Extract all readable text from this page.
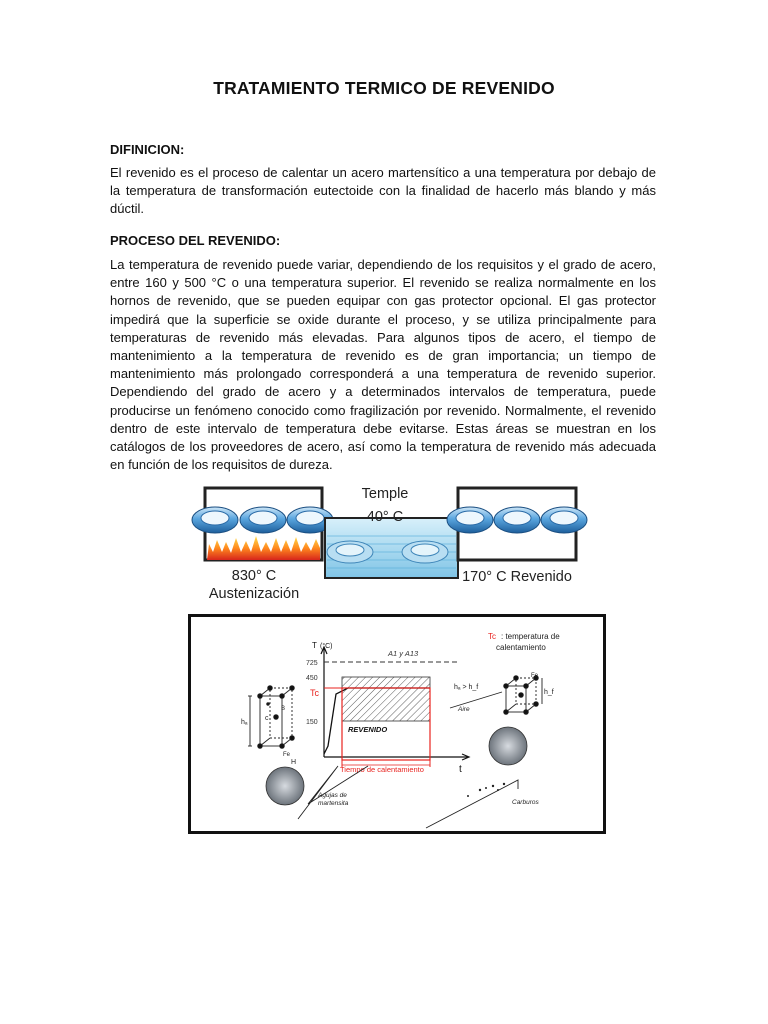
TRATAMIENTO TERMICO DE REVENIDO
DIFINICION:
El revenido es el proceso de calentar un acero martensítico a una temperatura por debajo de la temperatura de transformación eutectoide con la finalidad de hacerlo más blando y más dúctil.
PROCESO DEL REVENIDO:
La temperatura de revenido puede variar, dependiendo de los requisitos y el grado de acero, entre 160 y 500 °C o una temperatura superior. El revenido se realiza normalmente en los hornos de revenido, que se pueden equipar con gas protector opcional. El gas protector impedirá que la superficie se oxide durante el proceso, y se utiliza principalmente para temperaturas de revenido más elevadas. Para algunos tipos de acero, el tiempo de mantenimiento a la temperatura de revenido es de gran importancia; un tiempo de mantenimiento más prolongado corresponderá a una temperatura de revenido superior. Dependiendo del grado de acero y a determinados intervalos de temperatura, puede producirse un fenómeno conocido como fragilización por revenido. Normalmente, el revenido dentro de este intervalo de temperatura debe evitarse. Estas áreas se muestran en los catálogos de los proveedores de acero, así como la temperatura de revenido más adecuada en función de los requisitos de dureza.
Temple
40° C
830° C
Austenización
170° C Revenido
T (°C)
t
725
A1 y A13
450
150
Tc
REVENIDO
Tiempo de calentamiento
Tc : temperatura de
calentamiento
hₐ
c
Fe
B
H
Agujas de
martensita
Fe
h_f
hₐ > h_f
Aire
Carburos
